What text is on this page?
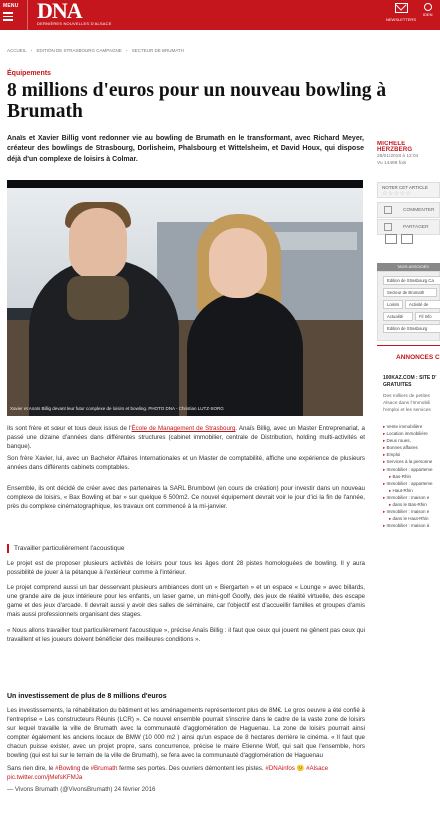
MENU DNA
DERNIÈRES NOUVELLES D'ALSACE
NEWSLETTERS
IDEN
ACCUEIL › EDITION DE STRASBOURG CAMPAGNE › SECTEUR DE BRUMATH
Équipements
8 millions d'euros pour un nouveau bowling à Brumath
Anaïs et Xavier Billig vont redonner vie au bowling de Brumath en le transformant, avec Richard Meyer, créateur des bowlings de Strasbourg, Dorlisheim, Phalsbourg et Wittelsheim, et David Houx, qui dispose déjà d'un complexe de loisirs à Colmar.
Xavier et Anaïs Billig devant leur futur complexe de loisirs et bowling. PHOTO DNA - Christian LUTZ-SORG
Ils sont frère et sœur et tous deux issus de l'École de Management de Strasbourg. Anaïs Billig, avec un Master Entreprenariat, a passé une dizaine d'années dans différentes structures (cabinet immobilier, centrale de Distribution, holding multi-activités et banque).
Son frère Xavier, lui, avec un Bachelor Affaires Internationales et un Master de comptabilité, affiche une expérience de plusieurs années dans différents cabinets comptables.
Ensemble, ils ont décidé de créer avec des partenaires la SARL Brumbowl (en cours de création) pour investir dans un nouveau complexe de loisirs, « Bax Bowling et bar » sur quelque 6 500m2. Ce nouvel équipement devrait voir le jour d'ici la fin de l'année, près du complexe cinématographique, les travaux ont commencé à la mi-janvier.
Travailler particulièrement l'acoustique
Le projet est de proposer plusieurs activités de loisirs pour tous les âges dont 28 pistes homologuées de bowling. Il y aura possibilité de jouer à la pétanque à l'extérieur comme à l'intérieur.
Le projet comprend aussi un bar desservant plusieurs ambiances dont un « Biergarten » et un espace « Lounge » avec billards, une grande aire de jeux intérieure pour les enfants, un laser game, un mini-golf Goolfy, des jeux de réalité virtuelle, des escape game et des jeux d'arcade. Il devrait aussi y avoir des salles de séminaire, car l'objectif est d'accueillir familles et groupes d'amis mais aussi professionnels organisant des stages.
« Nous allons travailler tout particulièrement l'acoustique », précise Anaïs Billig : il faut que ceux qui jouent ne gênent pas ceux qui travaillent et les joueurs doivent bénéficier des meilleures conditions ».
Un investissement de plus de 8 millions d'euros
Les investissements, la réhabilitation du bâtiment et les aménagements représenteront plus de 8M€. Le gros oeuvre a été confié à l'entreprise « Les constructeurs Réunis (LCR) ». Ce nouvel ensemble pourrait s'inscrire dans le cadre de la vaste zone de loisirs sur lequel travaille la ville de Brumath avec la communauté d'agglomération de Haguenau. La zone de loisirs pourrait ainsi compter également les anciens locaux de BMW (10 000 m2 ) ainsi qu'un espace de 8 hectares derrière le cinéma. « Il faut que chacun puisse exister, avec un projet propre, sans concurrence, précise le maire Etienne Wolf, qui sait que l'ensemble, hors bowling (qui est lui sur le terrain de la ville de Brumath), se fera avec la communauté d'agglomération de Haguenau
Sans rien dire, le #Bowling de #Brumath ferme ses portes. Des ouvriers démontent les pistes. #DNAinfos 😕 #Alsace
pic.twitter.com/jMefsKFMJa
— Vivons Brumath (@VivonsBrumath) 24 février 2016
MICHÈLE HERZBERG
28/01/2018 à 12:04
Vu 14498 fois
NOTER CET ARTICLE
☆☆☆☆☆
COMMENTER
PARTAGER
TAGS ASSOCIÉS
Edition de Strasbourg Ca
Secteur de Brumath
Loisirs	Activité de
Actualité	Fil Info
Edition de Strasbourg
ANNONCES C
100KAZ.COM : SITE D'
GRATUITES
Des milliers de petites
Alsace dans l'Immobili
l'emploi et les services
▸ Vente immobilière
▸ Location immobilière
▸ Deux roues,
▸ Bonnes affaires
▸ Emploi
▸ Services à la personne
▸ Immobilier : apparteme
▸ Bas-Rhin
▸ Immobilier : apparteme
▸ Haut-Rhin
▸ Immobilier : maison e
▸ dans le Bas-Rhin
▸ Immobilier : maison e
▸ dans le Haut-Rhin
▸ Immobilier : maison à
